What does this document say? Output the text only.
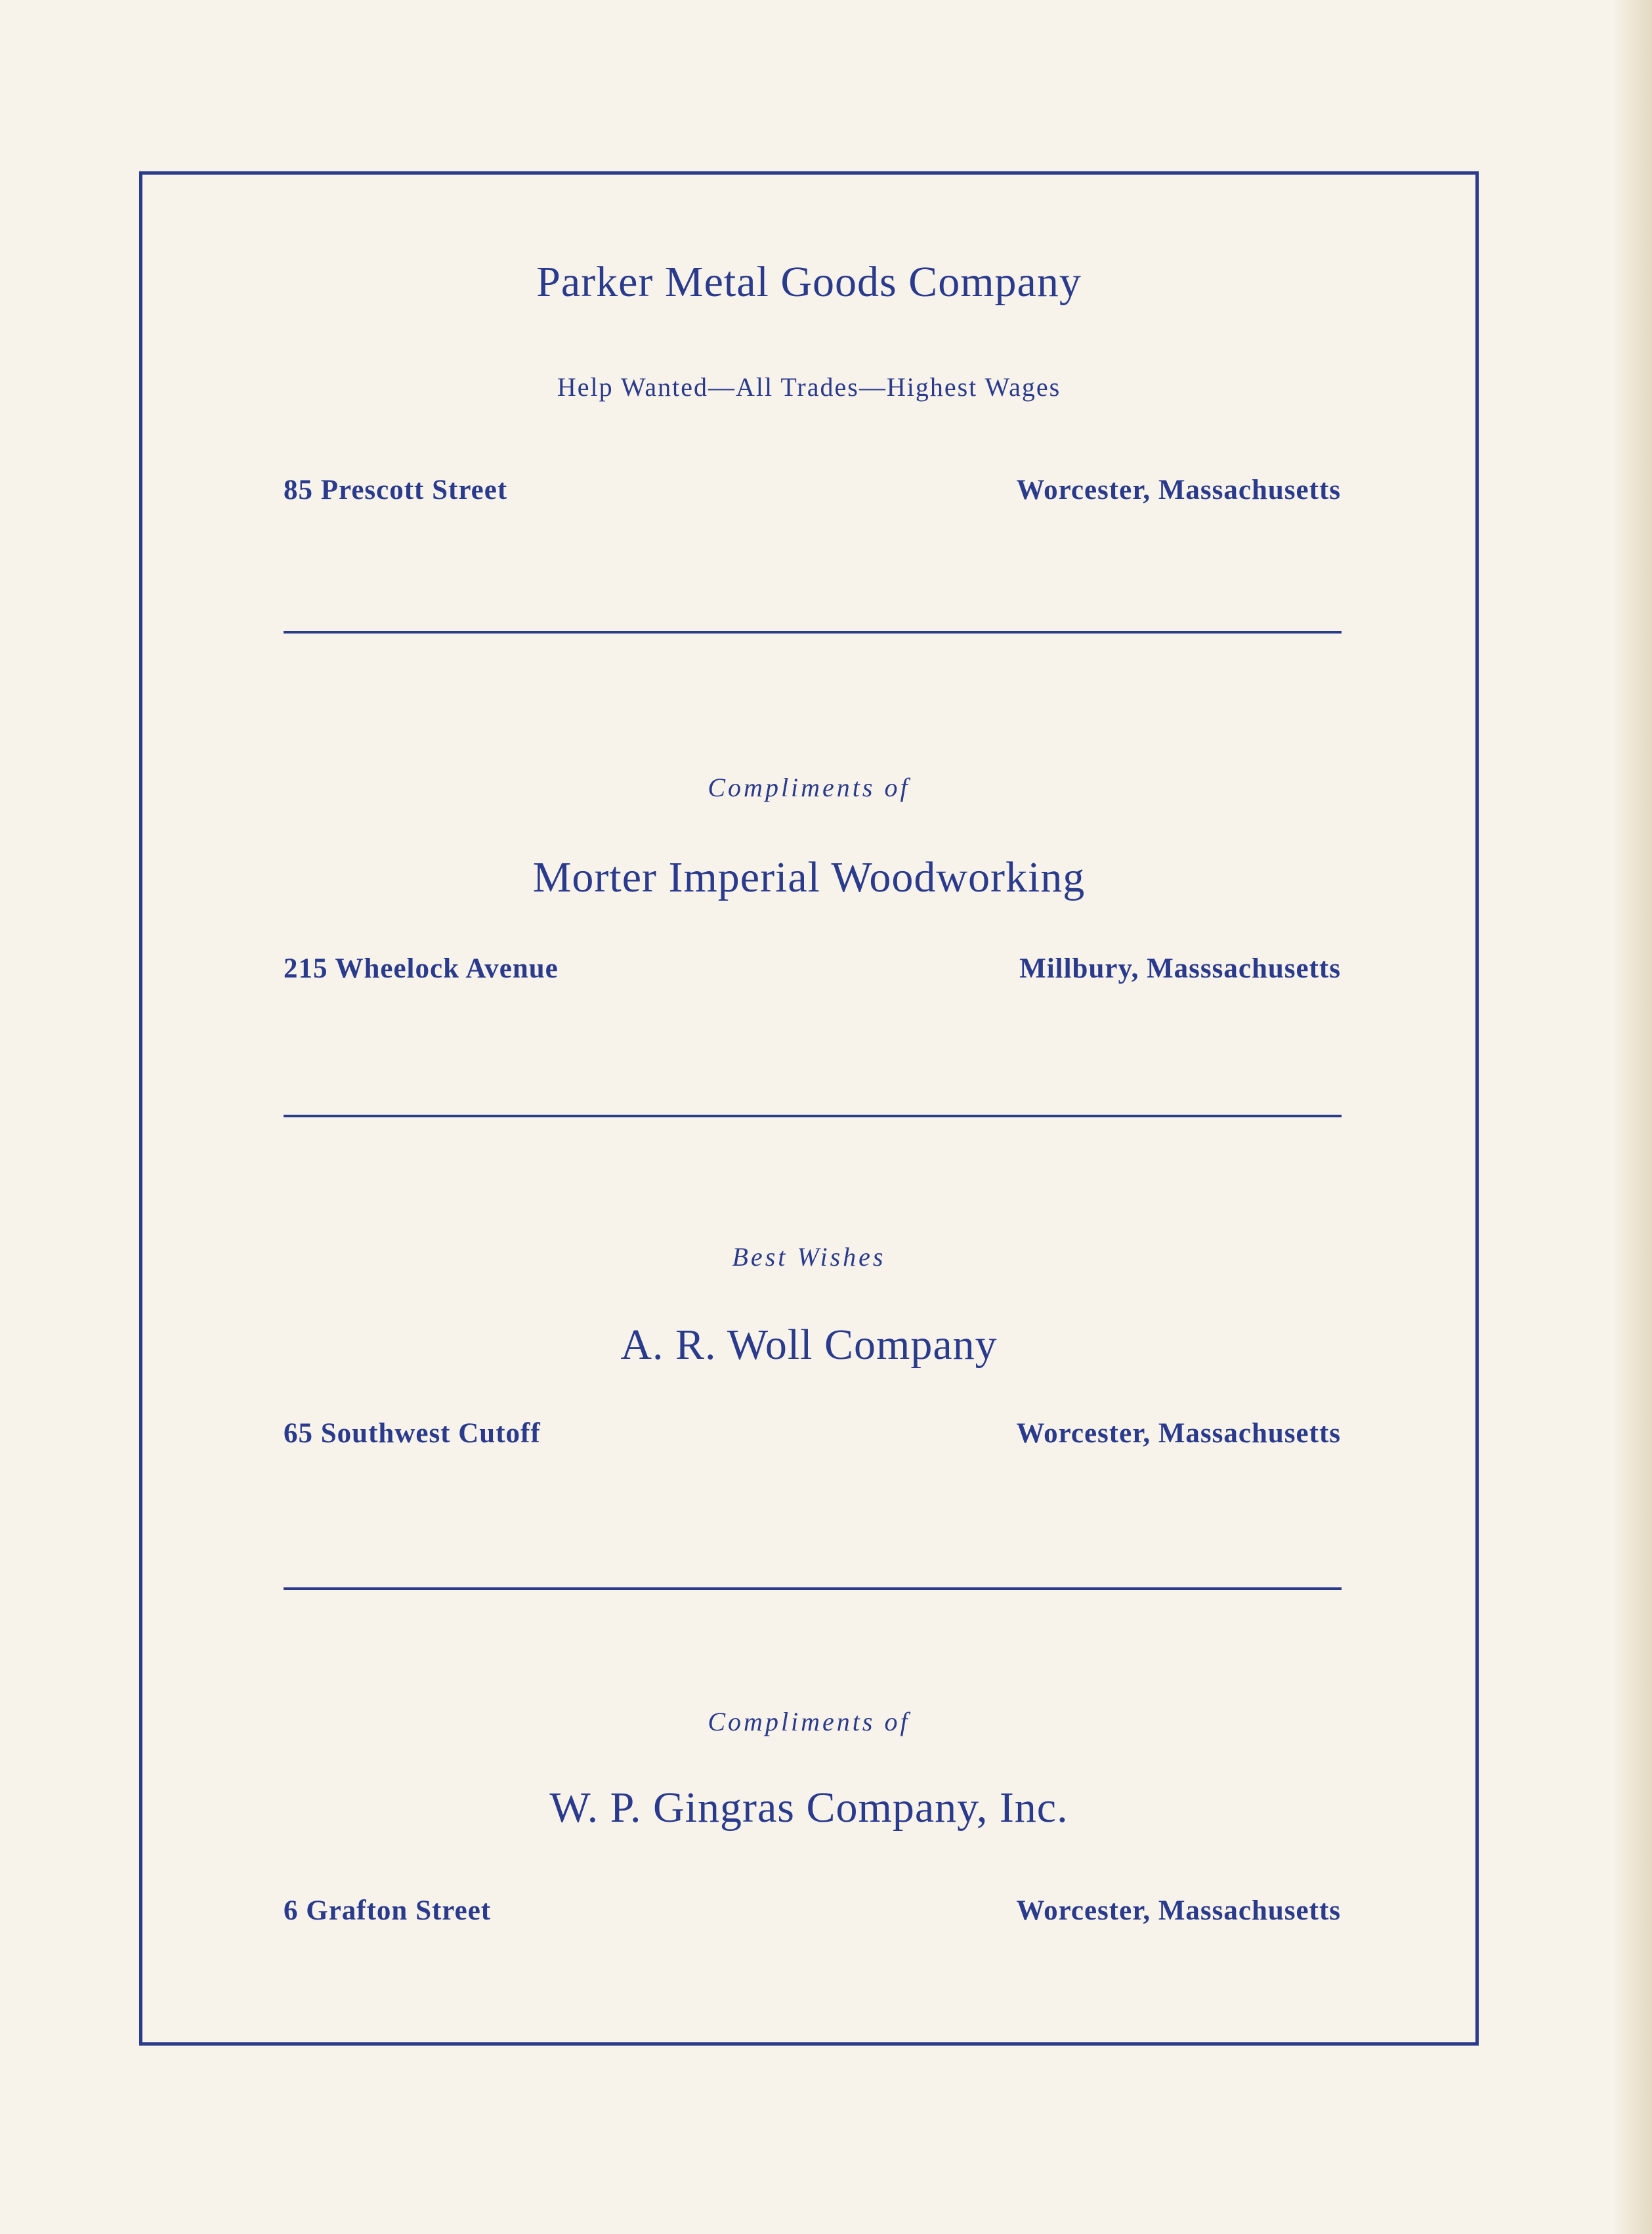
Parker Metal Goods Company
Help Wanted—All Trades—Highest Wages
85 Prescott Street	Worcester, Massachusetts
Compliments of
Morter Imperial Woodworking
215 Wheelock Avenue	Millbury, Masssachusetts
Best Wishes
A. R. Woll Company
65 Southwest Cutoff	Worcester, Massachusetts
Compliments of
W. P. Gingras Company, Inc.
6 Grafton Street	Worcester, Massachusetts
